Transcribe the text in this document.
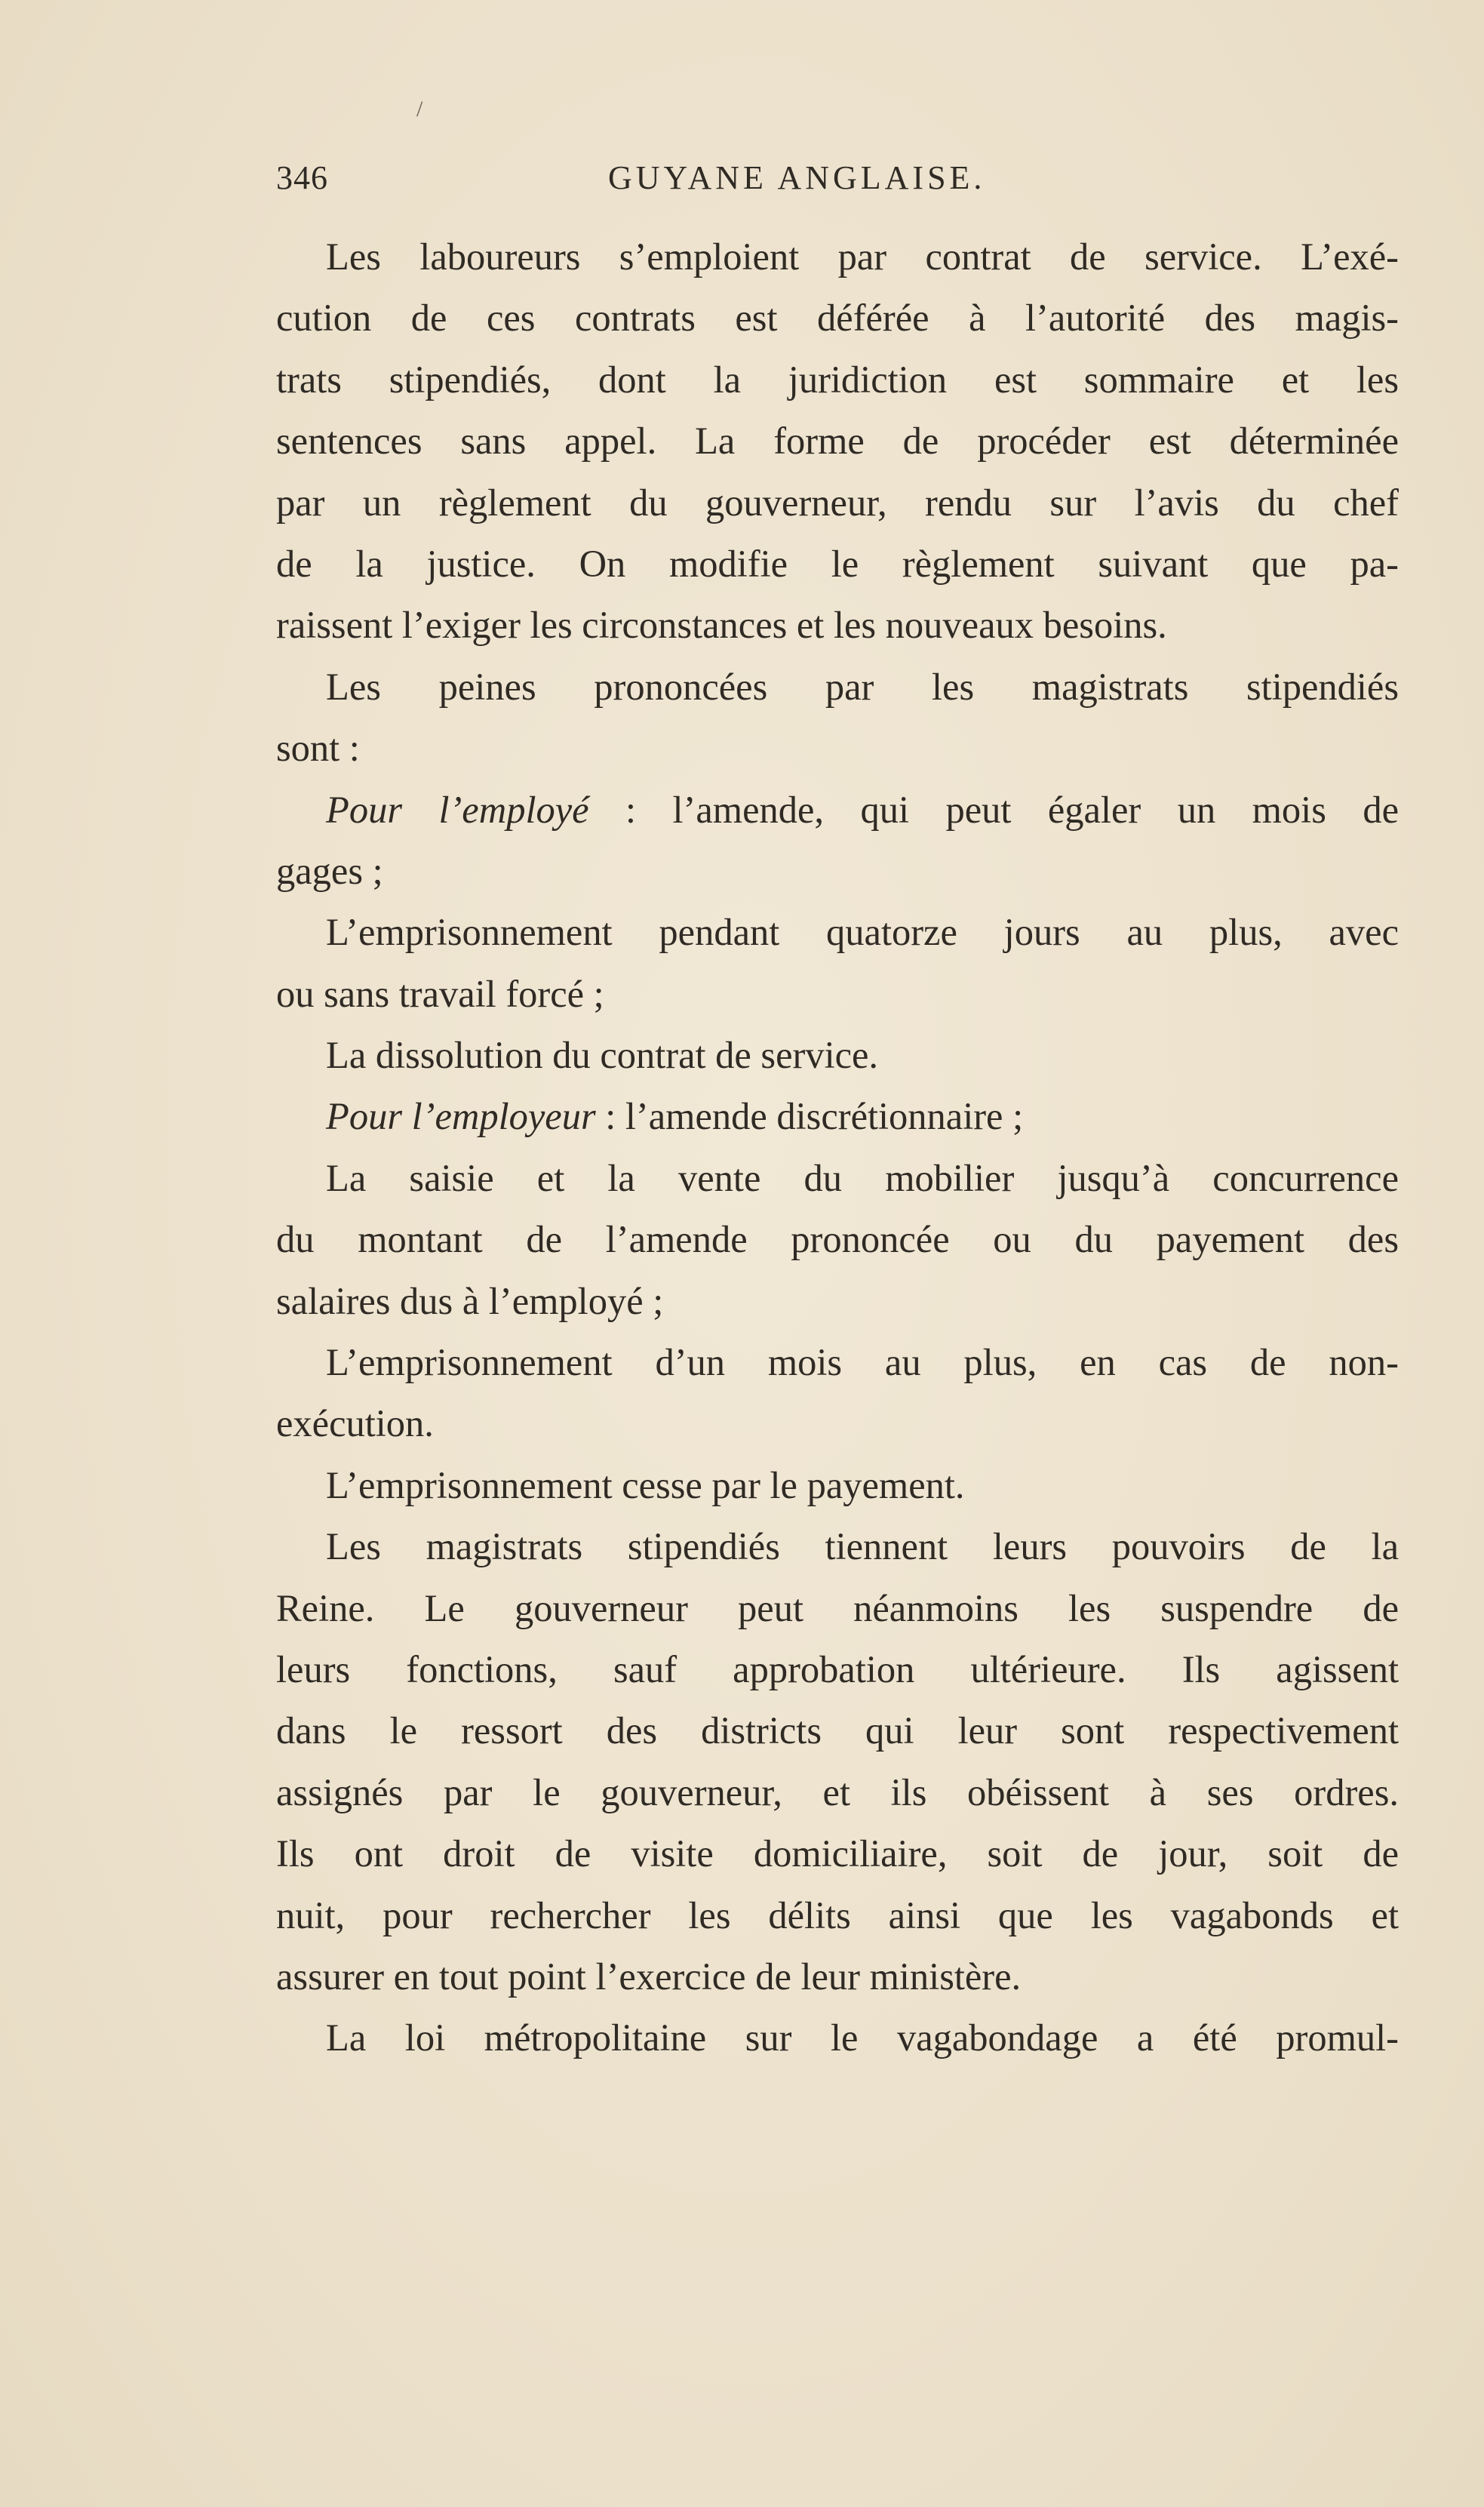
/
346	GUYANE ANGLAISE.
Les laboureurs s’emploient par contrat de service. L’exé-
cution de ces contrats est déférée à l’autorité des magis-
trats stipendiés, dont la juridiction est sommaire et les
sentences sans appel. La forme de procéder est déterminée
par un règlement du gouverneur, rendu sur l’avis du chef
de la justice. On modifie le règlement suivant que pa-
raissent l’exiger les circonstances et les nouveaux besoins.
Les peines prononcées par les magistrats stipendiés
sont :
Pour l’employé : l’amende, qui peut égaler un mois de
gages ;
L’emprisonnement pendant quatorze jours au plus, avec
ou sans travail forcé ;
La dissolution du contrat de service.
Pour l’employeur : l’amende discrétionnaire ;
La saisie et la vente du mobilier jusqu’à concurrence
du montant de l’amende prononcée ou du payement des
salaires dus à l’employé ;
L’emprisonnement d’un mois au plus, en cas de non-
exécution.
L’emprisonnement cesse par le payement.
Les magistrats stipendiés tiennent leurs pouvoirs de la
Reine. Le gouverneur peut néanmoins les suspendre de
leurs fonctions, sauf approbation ultérieure. Ils agissent
dans le ressort des districts qui leur sont respectivement
assignés par le gouverneur, et ils obéissent à ses ordres.
Ils ont droit de visite domiciliaire, soit de jour, soit de
nuit, pour rechercher les délits ainsi que les vagabonds et
assurer en tout point l’exercice de leur ministère.
La loi métropolitaine sur le vagabondage a été promul-
